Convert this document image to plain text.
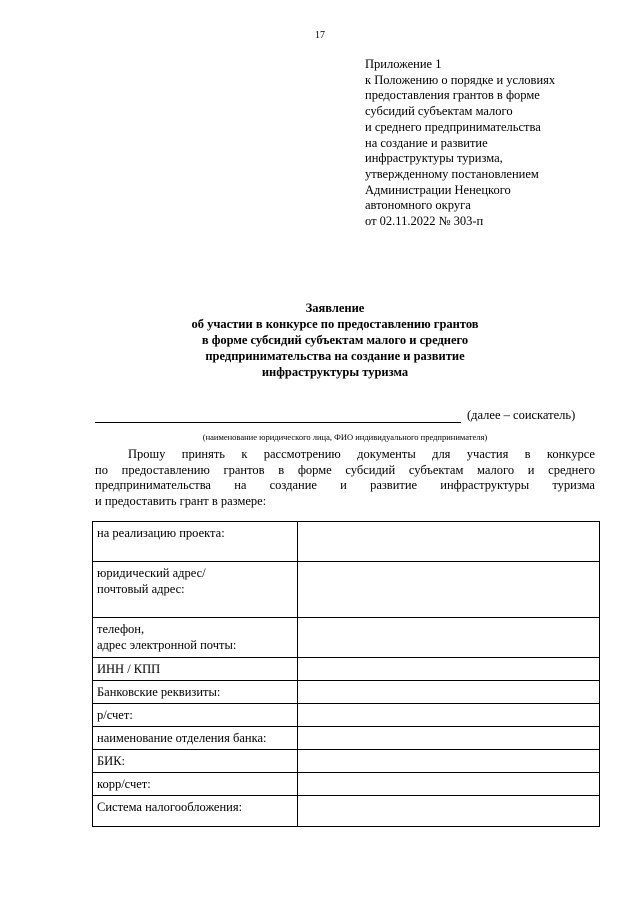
17
Приложение 1
к Положению о порядке и условиях
предоставления грантов в форме
субсидий субъектам малого
и среднего предпринимательства
на создание и развитие
инфраструктуры туризма,
утвержденному постановлением
Администрации Ненецкого
автономного округа
от 02.11.2022 № 303-п
Заявление
об участии в конкурсе по предоставлению грантов
в форме субсидий субъектам малого и среднего
предпринимательства на создание и развитие
инфраструктуры туризма
(далее – соискатель)
(наименование юридического лица, ФИО индивидуального предпринимателя)
Прошу принять к рассмотрению документы для участия в конкурсе
по предоставлению грантов в форме субсидий субъектам малого и среднего
предпринимательства на создание и развитие инфраструктуры туризма
и предоставить грант в размере:
на реализацию проекта:	

юридический адрес/
почтовый адрес:	

телефон,
адрес электронной почты:	

ИНН / КПП	

Банковские реквизиты:	

р/счет:	

наименование отделения банка:	

БИК:	

корр/счет:	

Система налогообложения:	
